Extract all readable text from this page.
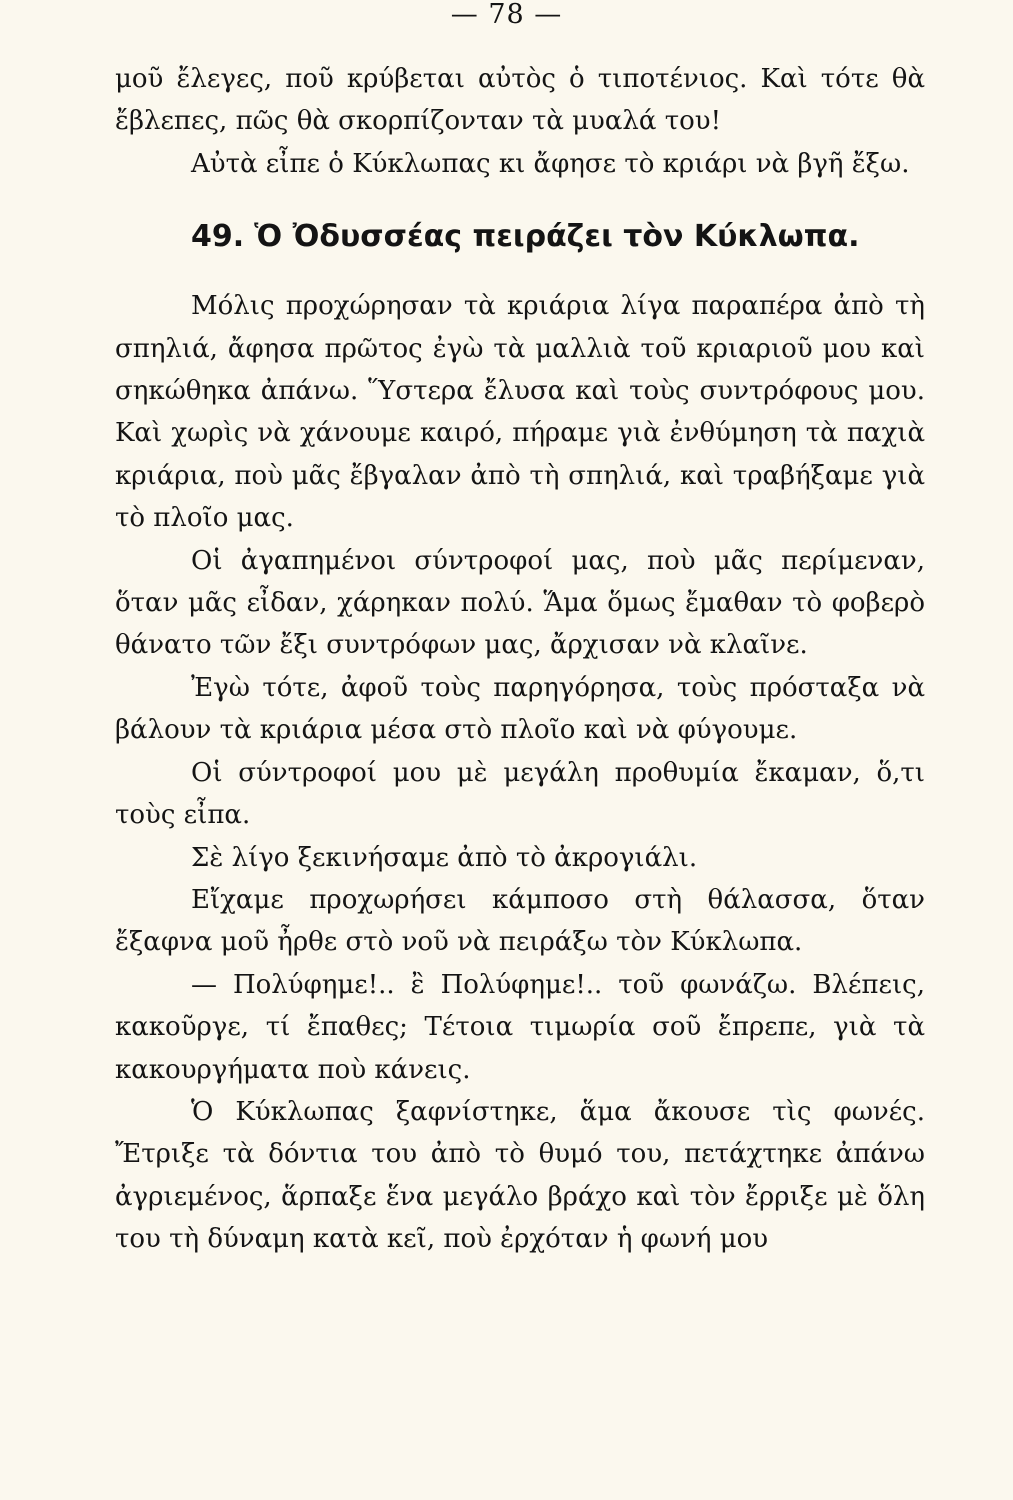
— 78 —

μοῦ ἔλεγες, ποῦ κρύβεται αὐτὸς ὁ τιποτένιος. Καὶ τότε θὰ ἔβλεπες, πῶς θὰ σκορπίζονταν τὰ μυαλά του!

Αὐτὰ εἶπε ὁ Κύκλωπας κι ἄφησε τὸ κριάρι νὰ βγῆ ἔξω.

49. Ὁ Ὀδυσσέας πειράζει τὸν Κύκλωπα.

Μόλις προχώρησαν τὰ κριάρια λίγα παραπέρα ἀπὸ τὴ σπηλιά, ἄφησα πρῶτος ἐγὼ τὰ μαλλιὰ τοῦ κριαριοῦ μου καὶ σηκώθηκα ἀπάνω. Ὕστερα ἔλυσα καὶ τοὺς συντρόφους μου. Καὶ χωρὶς νὰ χάνουμε καιρό, πήραμε γιὰ ἐνθύμηση τὰ παχιὰ κριάρια, ποὺ μᾶς ἔβγαλαν ἀπὸ τὴ σπηλιά, καὶ τραβήξαμε γιὰ τὸ πλοῖο μας.

Οἱ ἀγαπημένοι σύντροφοί μας, ποὺ μᾶς περίμεναν, ὅταν μᾶς εἶδαν, χάρηκαν πολύ. Ἅμα ὅμως ἔμαθαν τὸ φοβερὸ θάνατο τῶν ἔξι συντρόφων μας, ἄρχισαν νὰ κλαῖνε.

Ἐγὼ τότε, ἀφοῦ τοὺς παρηγόρησα, τοὺς πρόσταξα νὰ βάλουν τὰ κριάρια μέσα στὸ πλοῖο καὶ νὰ φύγουμε.

Οἱ σύντροφοί μου μὲ μεγάλη προθυμία ἔκαμαν, ὅ,τι τοὺς εἶπα.

Σὲ λίγο ξεκινήσαμε ἀπὸ τὸ ἀκρογιάλι.

Εἴχαμε προχωρήσει κάμποσο στὴ θάλασσα, ὅταν ἔξαφνα μοῦ ἦρθε στὸ νοῦ νὰ πειράξω τὸν Κύκλωπα.

— Πολύφημε!.. ἒ Πολύφημε!.. τοῦ φωνάζω. Βλέπεις, κακοῦργε, τί ἔπαθες; Τέτοια τιμωρία σοῦ ἔπρεπε, γιὰ τὰ κακουργήματα ποὺ κάνεις.

Ὁ Κύκλωπας ξαφνίστηκε, ἅμα ἄκουσε τὶς φωνές. Ἔτριξε τὰ δόντια του ἀπὸ τὸ θυμό του, πετάχτηκε ἀπάνω ἀγριεμένος, ἅρπαξε ἕνα μεγάλο βράχο καὶ τὸν ἔρριξε μὲ ὅλη του τὴ δύναμη κατὰ κεῖ, ποὺ ἐρχόταν ἡ φωνή μου
